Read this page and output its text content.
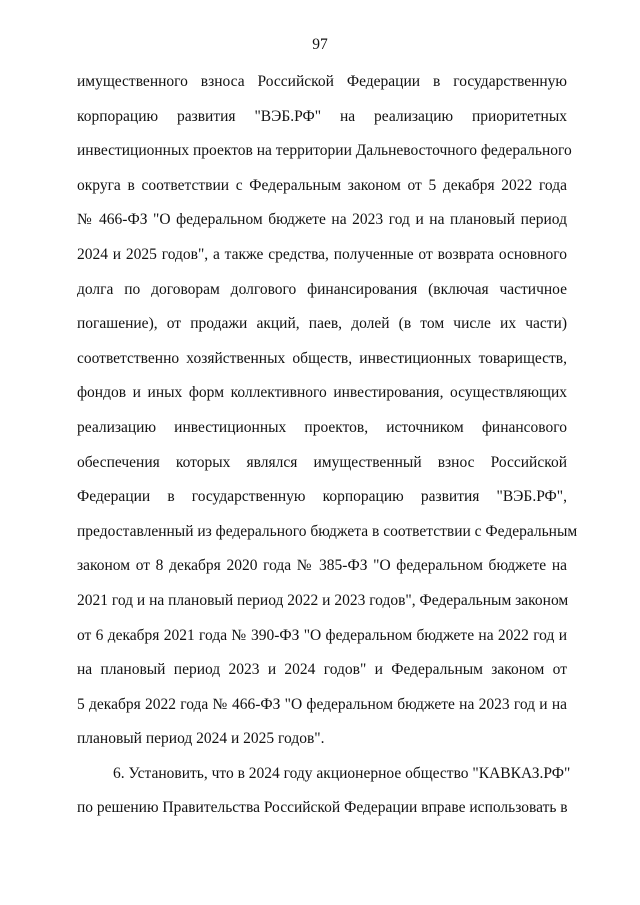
97
имущественного взноса Российской Федерации в государственную
корпорацию развития "ВЭБ.РФ" на реализацию приоритетных
инвестиционных проектов на территории Дальневосточного федерального
округа в соответствии с Федеральным законом от 5 декабря 2022 года
№ 466-ФЗ "О федеральном бюджете на 2023 год и на плановый период
2024 и 2025 годов", а также средства, полученные от возврата основного
долга по договорам долгового финансирования (включая частичное
погашение), от продажи акций, паев, долей (в том числе их части)
соответственно хозяйственных обществ, инвестиционных товариществ,
фондов и иных форм коллективного инвестирования, осуществляющих
реализацию инвестиционных проектов, источником финансового
обеспечения которых являлся имущественный взнос Российской
Федерации в государственную корпорацию развития "ВЭБ.РФ",
предоставленный из федерального бюджета в соответствии с Федеральным
законом от 8 декабря 2020 года № 385-ФЗ "О федеральном бюджете на
2021 год и на плановый период 2022 и 2023 годов", Федеральным законом
от 6 декабря 2021 года № 390-ФЗ "О федеральном бюджете на 2022 год и
на плановый период 2023 и 2024 годов" и Федеральным законом от
5 декабря 2022 года № 466-ФЗ "О федеральном бюджете на 2023 год и на
плановый период 2024 и 2025 годов".
6. Установить, что в 2024 году акционерное общество "КАВКАЗ.РФ"
по решению Правительства Российской Федерации вправе использовать в
